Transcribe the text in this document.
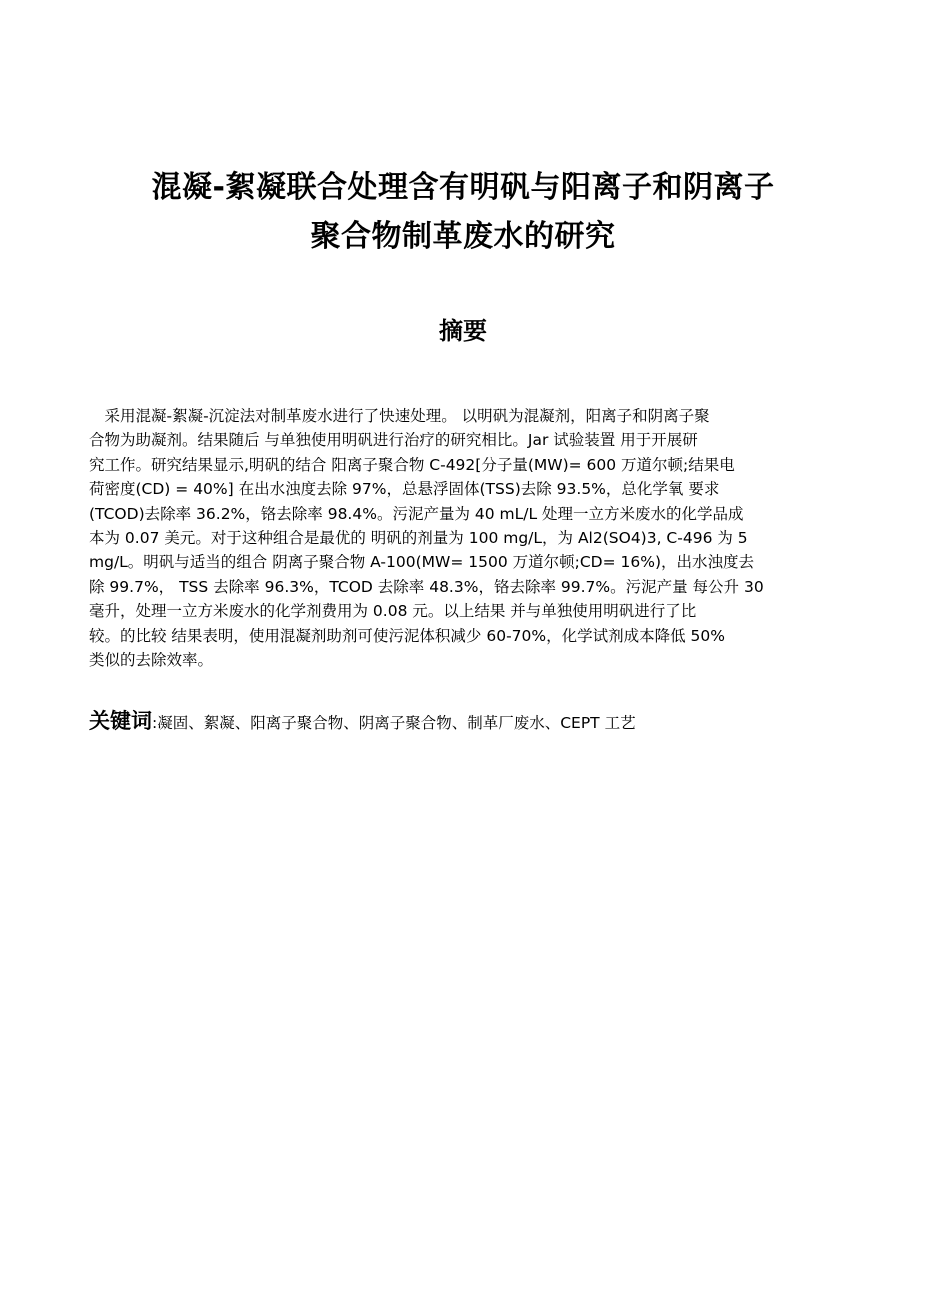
混凝-絮凝联合处理含有明矾与阳离子和阴离子
聚合物制革废水的研究
摘要
　采用混凝-絮凝-沉淀法对制革废水进行了快速处理。 以明矾为混凝剂，阳离子和阴离子聚
合物为助凝剂。结果随后 与单独使用明矾进行治疗的研究相比。Jar 试验装置 用于开展研
究工作。研究结果显示,明矾的结合 阳离子聚合物 C-492[分子量(MW)= 600 万道尔顿;结果电
荷密度(CD) = 40%] 在出水浊度去除 97%，总悬浮固体(TSS)去除 93.5%，总化学氧 要求
(TCOD)去除率 36.2%，铬去除率 98.4%。污泥产量为 40 mL/L 处理一立方米废水的化学品成
本为 0.07 美元。对于这种组合是最优的 明矾的剂量为 100 mg/L，为 Al2(SO4)3, C-496 为 5
mg/L。明矾与适当的组合 阴离子聚合物 A-100(MW= 1500 万道尔顿;CD= 16%)，出水浊度去
除 99.7%， TSS 去除率 96.3%，TCOD 去除率 48.3%，铬去除率 99.7%。污泥产量 每公升 30
毫升，处理一立方米废水的化学剂费用为 0.08 元。以上结果 并与单独使用明矾进行了比
较。的比较 结果表明，使用混凝剂助剂可使污泥体积减少 60-70%，化学试剂成本降低 50%
类似的去除效率。
关键词:凝固、絮凝、阳离子聚合物、阴离子聚合物、制革厂废水、CEPT 工艺
